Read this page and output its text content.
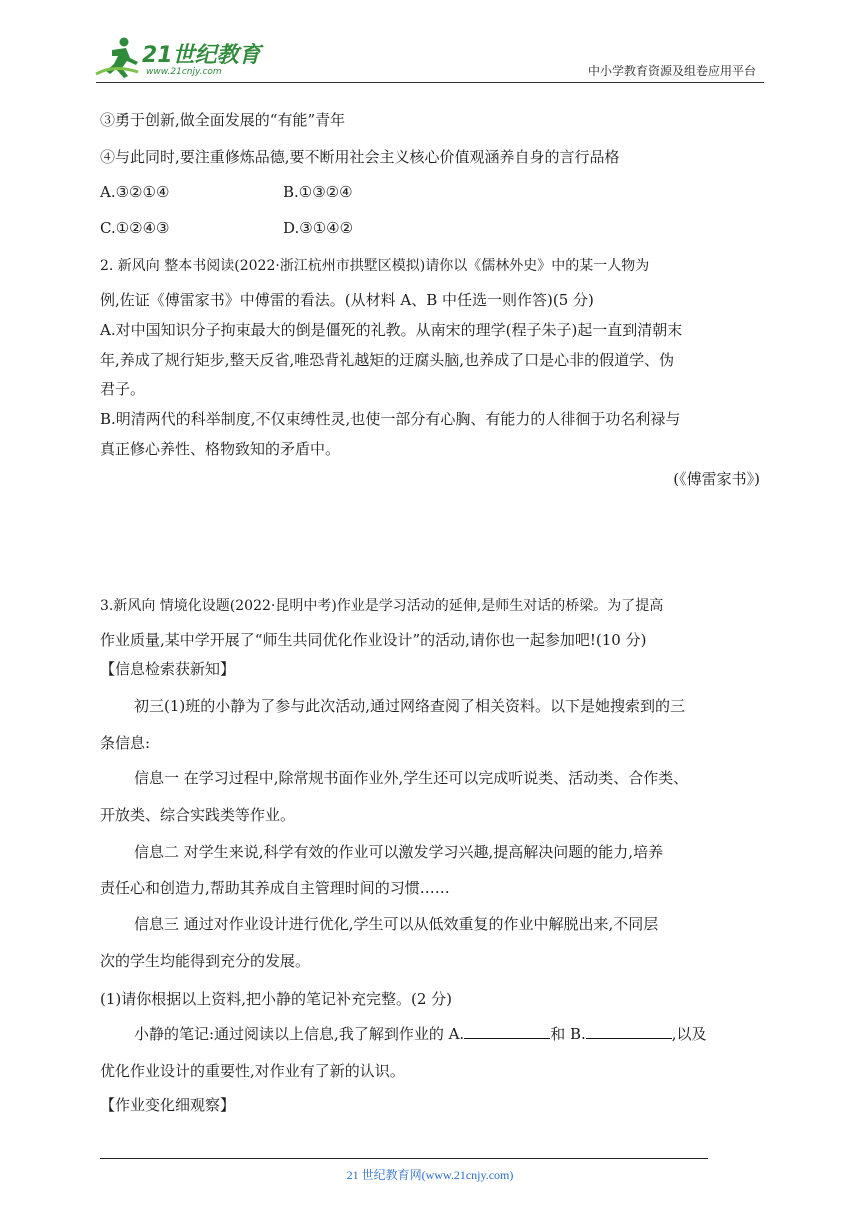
21世纪教育
www.21cnjy.com	中小学教育资源及组卷应用平台
③勇于创新,做全面发展的“有能”青年
④与此同时,要注重修炼品德,要不断用社会主义核心价值观涵养自身的言行品格
A.③②①④	B.①③②④
C.①②④③	D.③①④②
2. 新风向 整本书阅读(2022·浙江杭州市拱墅区模拟)请你以《儒林外史》中的某一人物为
例,佐证《傅雷家书》中傅雷的看法。(从材料 A、B 中任选一则作答)(5 分)
A.对中国知识分子拘束最大的倒是僵死的礼教。从南宋的理学(程子朱子)起一直到清朝末
年,养成了规行矩步,整天反省,唯恐背礼越矩的迂腐头脑,也养成了口是心非的假道学、伪
君子。
B.明清两代的科举制度,不仅束缚性灵,也使一部分有心胸、有能力的人徘徊于功名利禄与
真正修心养性、格物致知的矛盾中。
(《傅雷家书》)
3.新风向 情境化设题(2022·昆明中考)作业是学习活动的延伸,是师生对话的桥梁。为了提高
作业质量,某中学开展了“师生共同优化作业设计”的活动,请你也一起参加吧!(10 分)
【信息检索获新知】
初三(1)班的小静为了参与此次活动,通过网络查阅了相关资料。以下是她搜索到的三
条信息:
信息一 在学习过程中,除常规书面作业外,学生还可以完成听说类、活动类、合作类、
开放类、综合实践类等作业。
信息二 对学生来说,科学有效的作业可以激发学习兴趣,提高解决问题的能力,培养
责任心和创造力,帮助其养成自主管理时间的习惯……
信息三 通过对作业设计进行优化,学生可以从低效重复的作业中解脱出来,不同层
次的学生均能得到充分的发展。
(1)请你根据以上资料,把小静的笔记补充完整。(2 分)
小静的笔记:通过阅读以上信息,我了解到作业的 A.	和 B.	,以及
优化作业设计的重要性,对作业有了新的认识。
【作业变化细观察】
21 世纪教育网(www.21cnjy.com)
